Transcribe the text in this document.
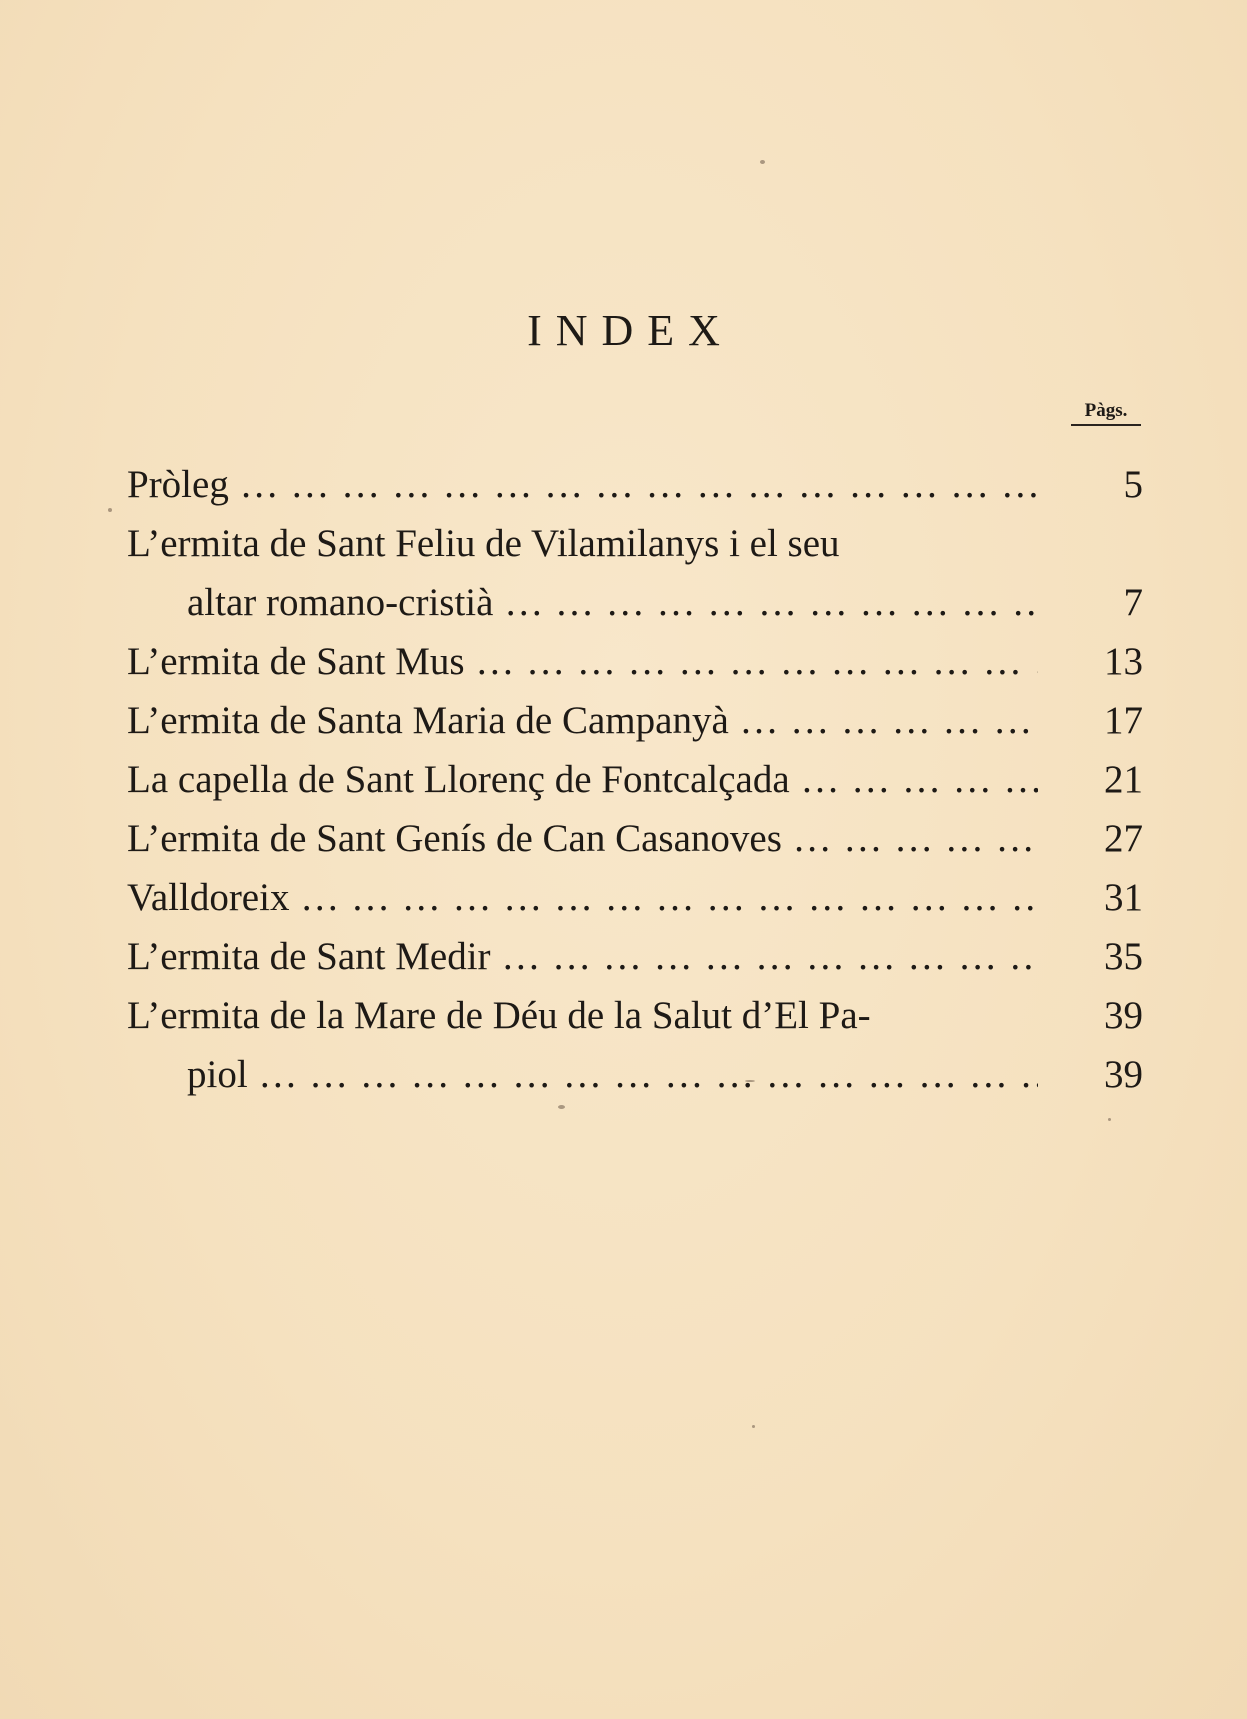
INDEX
Pàgs.
Pròleg … … … … … … … … … … … … … … … … … … … … … … … … … … … … … … … … …	5
L’ermita de Sant Feliu de Vilamilanys i el seu
altar romano-cristià … … … … … … … … … … … … … … … … … … … … … … … … … … … … … … … … …	7
L’ermita de Sant Mus … … … … … … … … … … … … … … … … … … … … … … … … … … … … … … … … …	13
L’ermita de Santa Maria de Campanyà … … … … … … … … … … … … … … … … … … … … … … … … … … … … … … … … …	17
La capella de Sant Llorenç de Fontcalçada … … … … … … … … … … … … … … … … … … … … … … … … … … … … … … … … …	21
L’ermita de Sant Genís de Can Casanoves … … … … … … … … … … … … … … … … … … … … … … … … … … … … … … … … …	27
Valldoreix … … … … … … … … … … … … … … … … … … … … … … … … … … … … … … … … …	31
L’ermita de Sant Medir … … … … … … … … … … … … … … … … … … … … … … … … … … … … … … … … …	35
L’ermita de la Mare de Déu de la Salut d’El Pa-	39
piol … … … … … … … … … … … … … … … … … … … … … … … … … … … … … … … … …	39
